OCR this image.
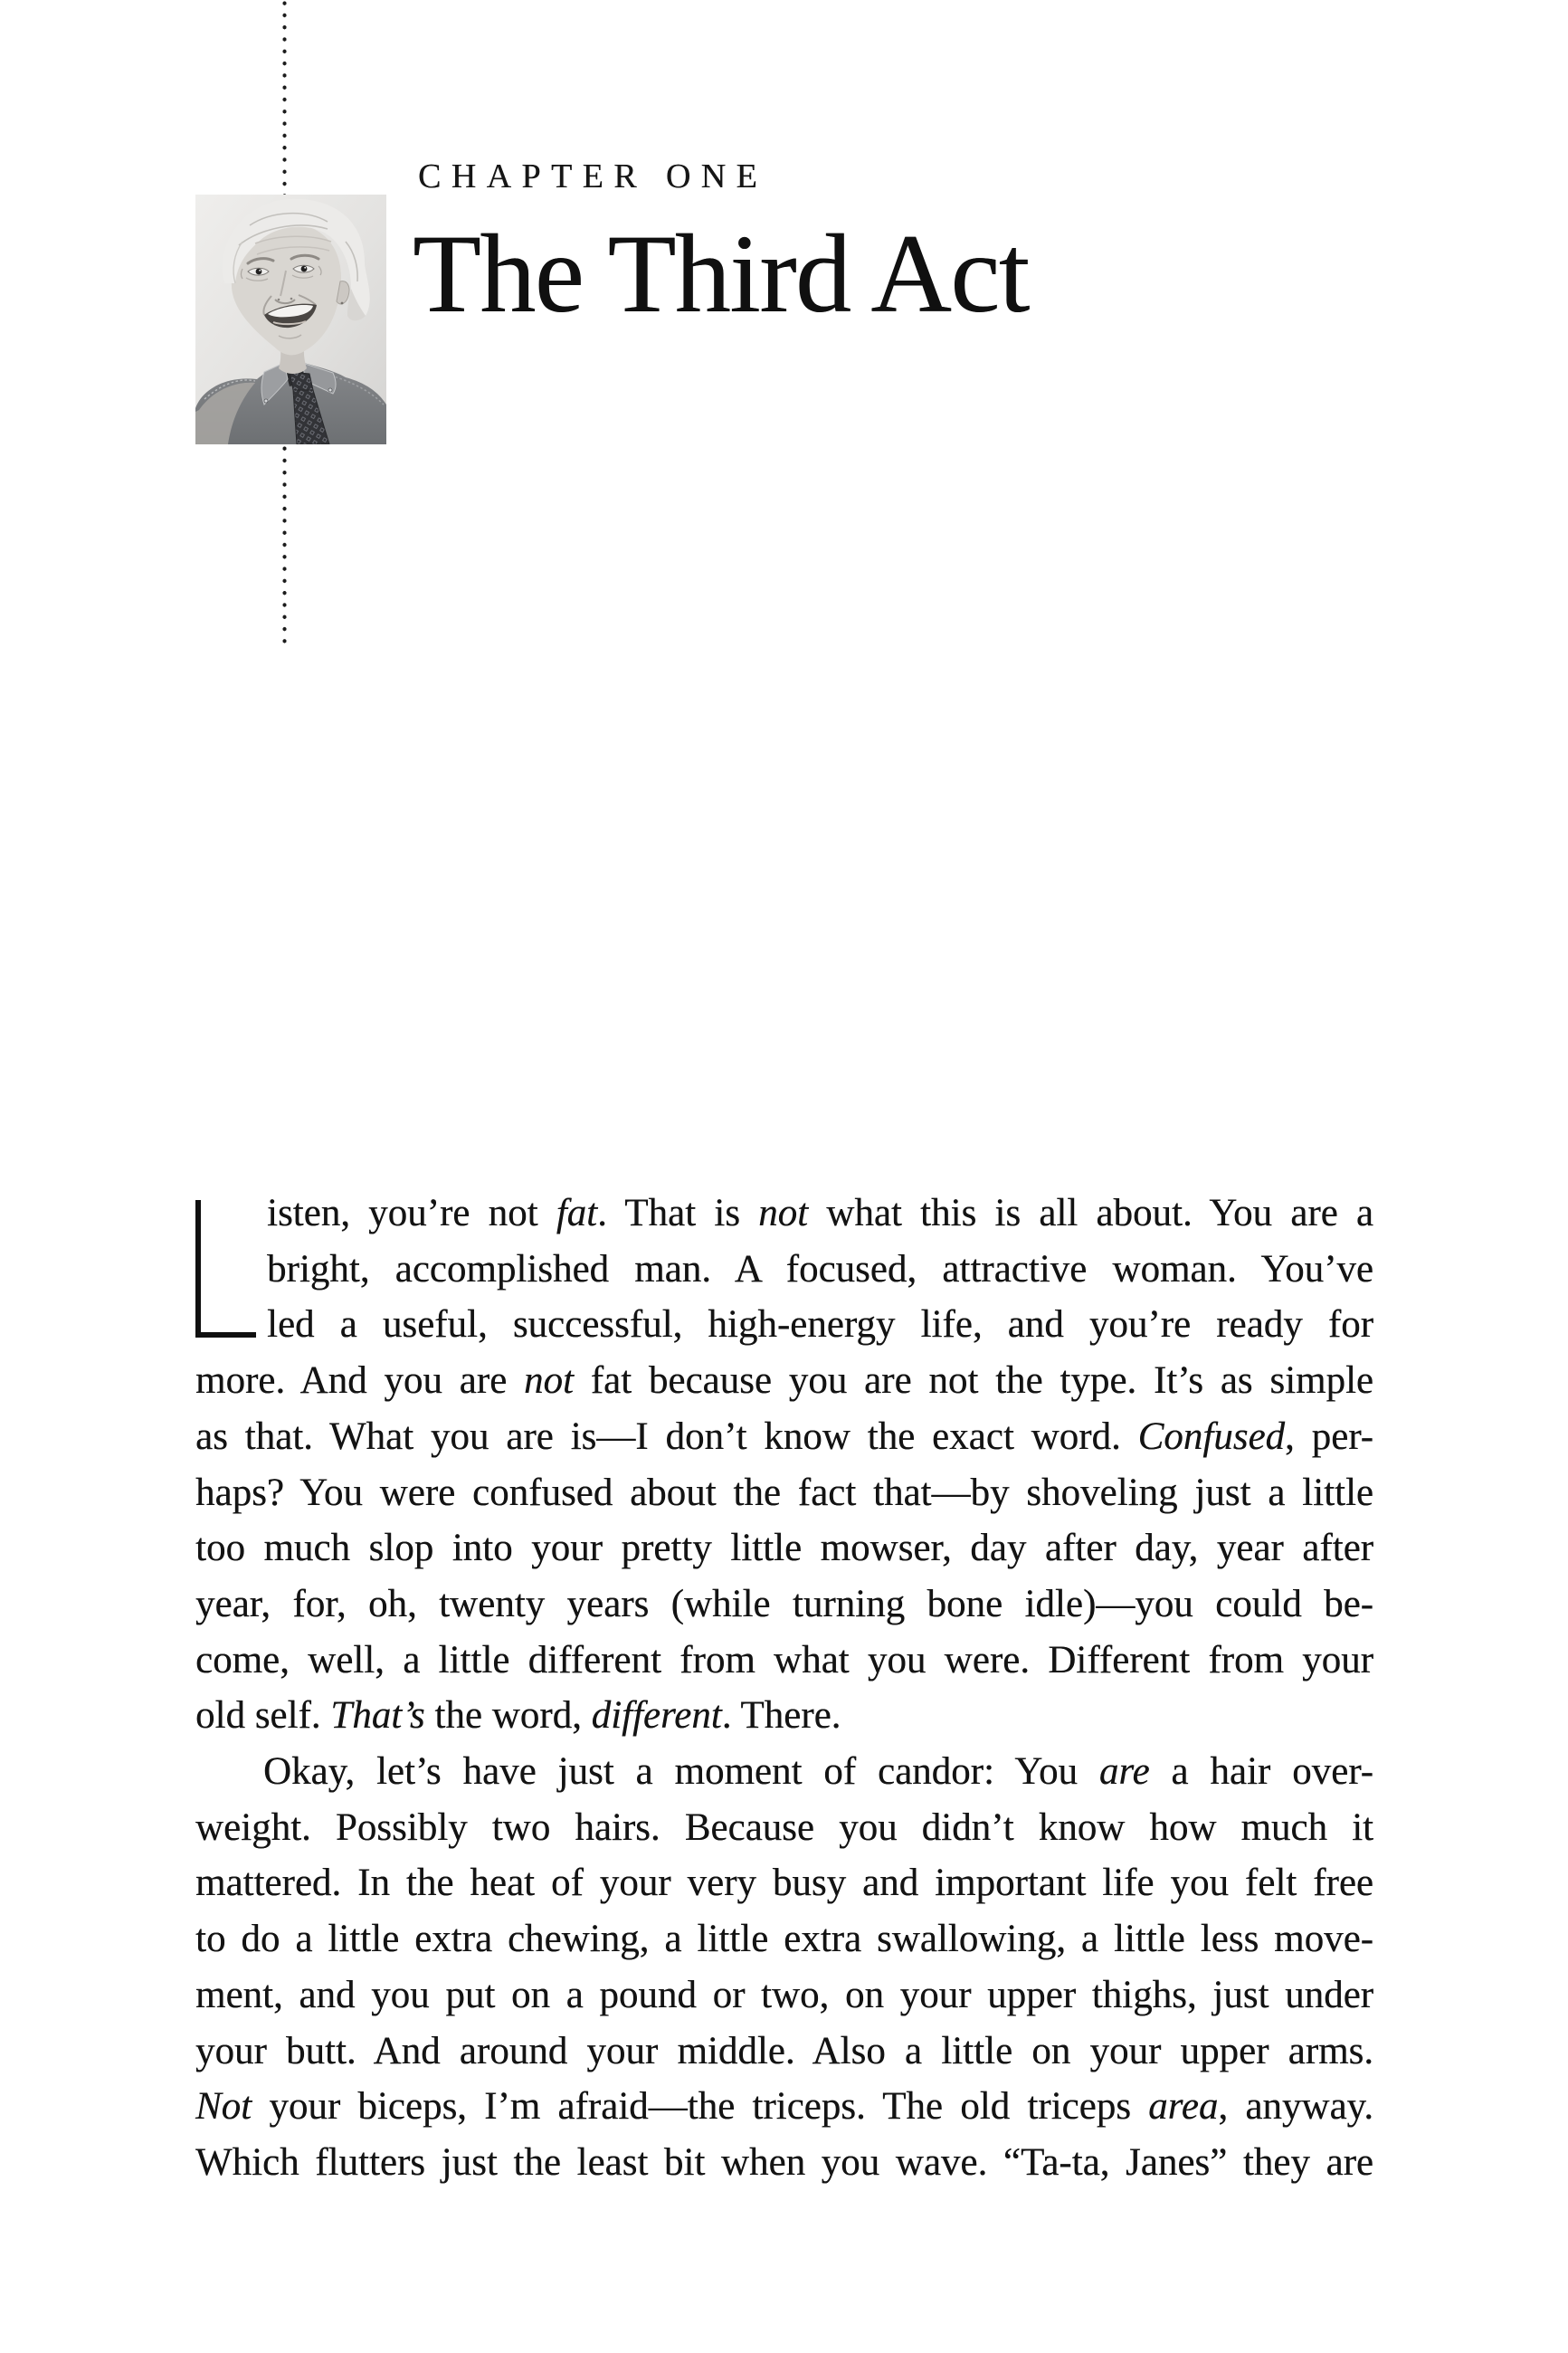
CHAPTER ONE
The Third Act
isten, you’re not fat. That is not what this is all about. You are a
bright, accomplished man. A focused, attractive woman. You’ve
led a useful, successful, high-energy life, and you’re ready for
more. And you are not fat because you are not the type. It’s as simple
as that. What you are is—I don’t know the exact word. Confused, per-
haps? You were confused about the fact that—by shoveling just a little
too much slop into your pretty little mowser, day after day, year after
year, for, oh, twenty years (while turning bone idle)—you could be-
come, well, a little different from what you were. Different from your
old self. That’s the word, different. There.
Okay, let’s have just a moment of candor: You are a hair over-
weight. Possibly two hairs. Because you didn’t know how much it
mattered. In the heat of your very busy and important life you felt free
to do a little extra chewing, a little extra swallowing, a little less move-
ment, and you put on a pound or two, on your upper thighs, just under
your butt. And around your middle. Also a little on your upper arms.
Not your biceps, I’m afraid—the triceps. The old triceps area, anyway.
Which flutters just the least bit when you wave. “Ta-ta, Janes” they are
